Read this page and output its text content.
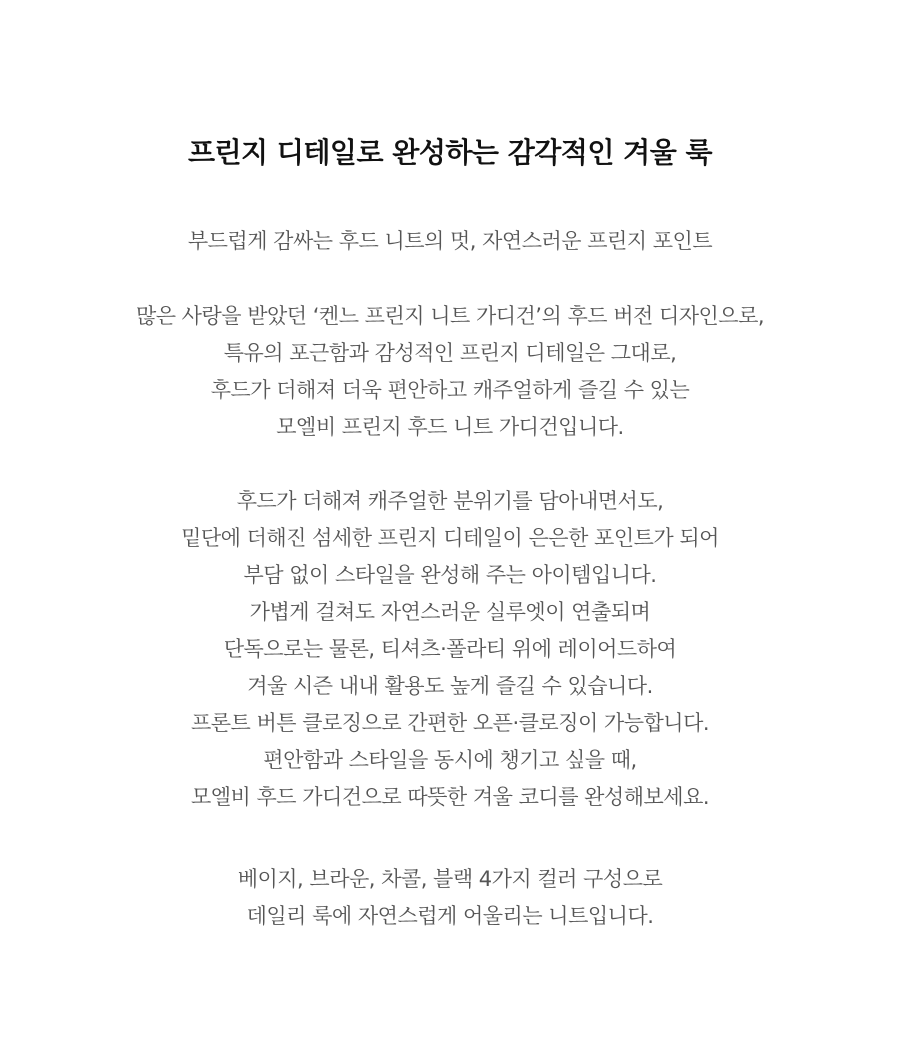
프린지 디테일로 완성하는 감각적인 겨울 룩
부드럽게 감싸는 후드 니트의 멋, 자연스러운 프린지 포인트
많은 사랑을 받았던 ‘켄느 프린지 니트 가디건’의 후드 버전 디자인으로,
특유의 포근함과 감성적인 프린지 디테일은 그대로,
후드가 더해져 더욱 편안하고 캐주얼하게 즐길 수 있는
모엘비 프린지 후드 니트 가디건입니다.
후드가 더해져 캐주얼한 분위기를 담아내면서도,
밑단에 더해진 섬세한 프린지 디테일이 은은한 포인트가 되어
부담 없이 스타일을 완성해 주는 아이템입니다.
가볍게 걸쳐도 자연스러운 실루엣이 연출되며
단독으로는 물론, 티셔츠·폴라티 위에 레이어드하여
겨울 시즌 내내 활용도 높게 즐길 수 있습니다.
프론트 버튼 클로징으로 간편한 오픈·클로징이 가능합니다.
편안함과 스타일을 동시에 챙기고 싶을 때,
모엘비 후드 가디건으로 따뜻한 겨울 코디를 완성해보세요.
베이지, 브라운, 차콜, 블랙 4가지 컬러 구성으로
데일리 룩에 자연스럽게 어울리는 니트입니다.
